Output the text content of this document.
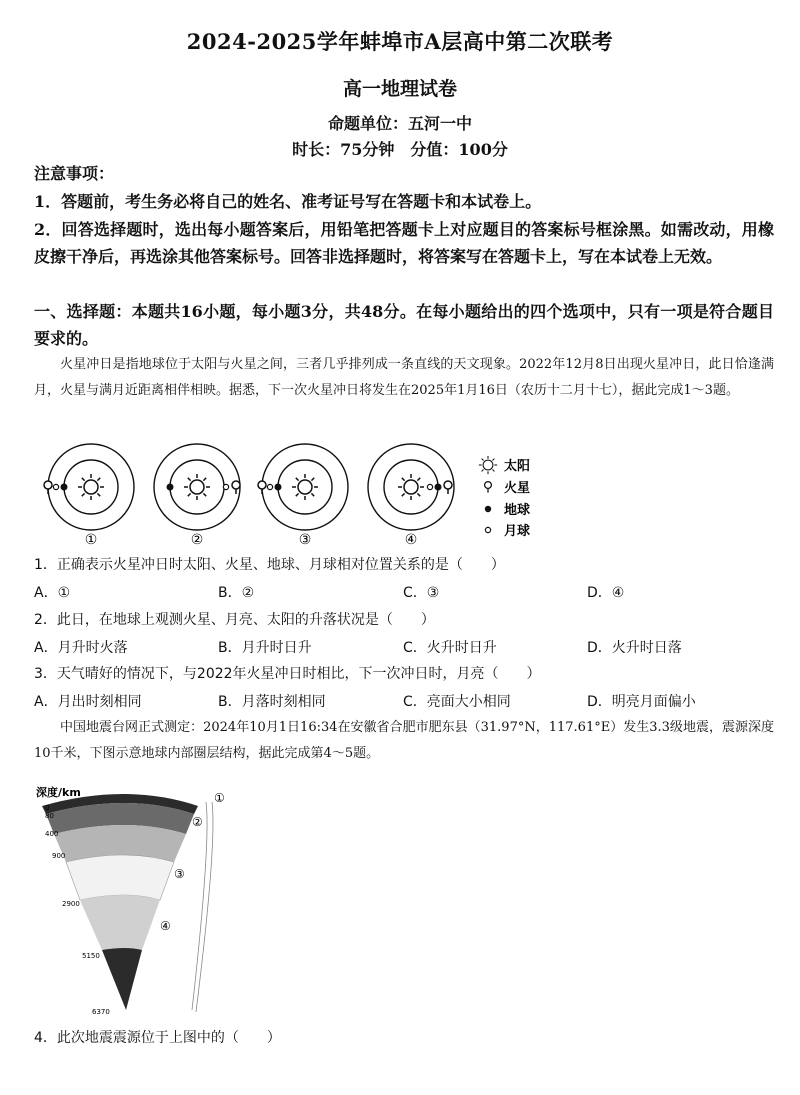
2024-2025学年蚌埠市A层高中第二次联考
高一地理试卷
命题单位：五河一中
时长：75分钟　分值：100分
注意事项：
1．答题前，考生务必将自己的姓名、准考证号写在答题卡和本试卷上。
2．回答选择题时，选出每小题答案后，用铅笔把答题卡上对应题目的答案标号框涂黑。如需改动，用橡皮擦干净后，再选涂其他答案标号。回答非选择题时，将答案写在答题卡上，写在本试卷上无效。
一、选择题：本题共16小题，每小题3分，共48分。在每小题给出的四个选项中，只有一项是符合题目要求的。
火星冲日是指地球位于太阳与火星之间，三者几乎排列成一条直线的天文现象。2022年12月8日出现火星冲日，此日恰逢满月，火星与满月近距离相伴相映。据悉，下一次火星冲日将发生在2025年1月16日（农历十二月十七），据此完成1～3题。
①	②	③	④
太阳
火星
地球
月球
1．正确表示火星冲日时太阳、火星、地球、月球相对位置关系的是（　　）
A．①	B．②	C．③	D．④
2．此日，在地球上观测火星、月亮、太阳的升落状况是（　　）
A．月升时火落	B．月升时日升	C．火升时日升	D．火升时日落
3．天气晴好的情况下，与2022年火星冲日时相比，下一次冲日时，月亮（　　）
A．月出时刻相同	B．月落时刻相同	C．亮面大小相同	D．明亮月面偏小
中国地震台网正式测定：2024年10月1日16:34在安徽省合肥市肥东县（31.97°N，117.61°E）发生3.3级地震，震源深度10千米，下图示意地球内部圈层结构，据此完成第4～5题。
深度/km
0
80
400
900
2900
5150
6370
①
②
③
④
4．此次地震震源位于上图中的（　　）
